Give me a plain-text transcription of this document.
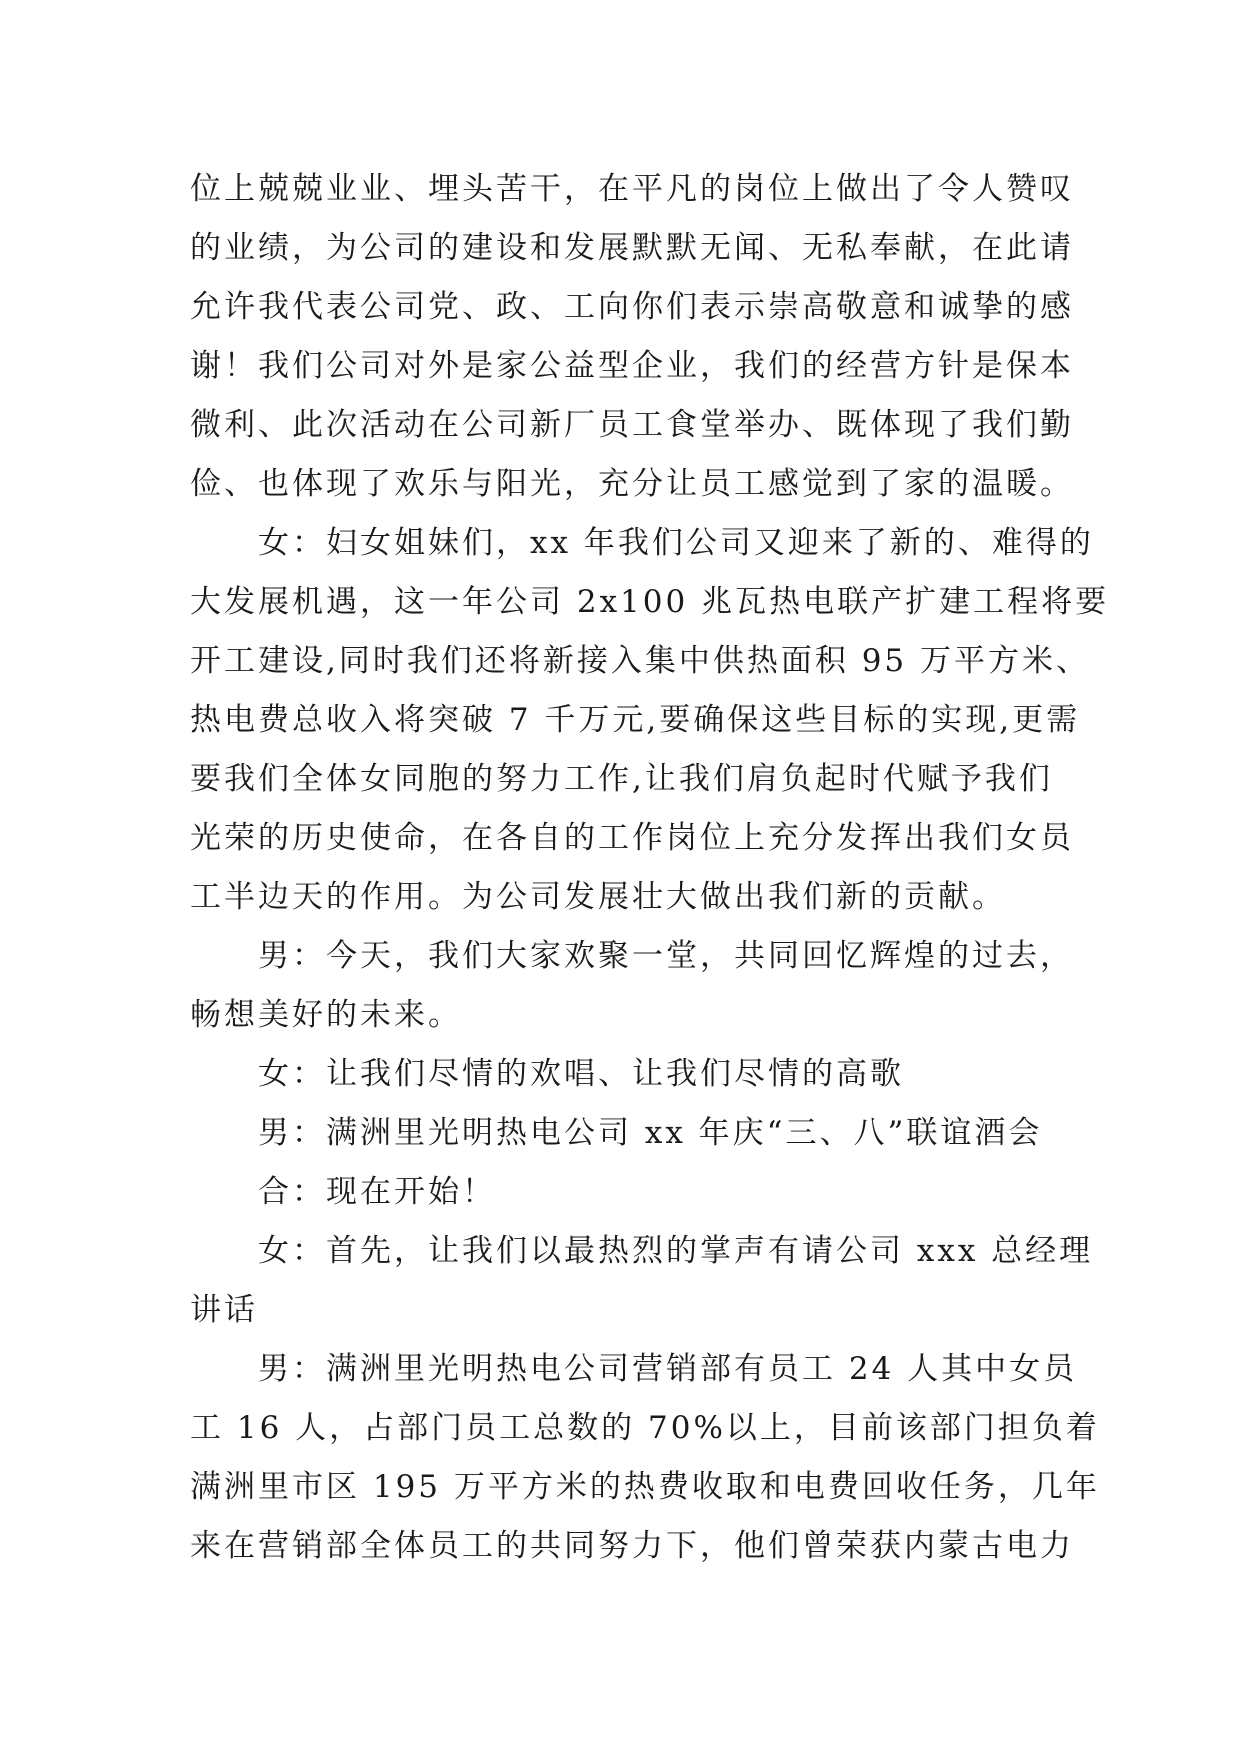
位上兢兢业业、埋头苦干，在平凡的岗位上做出了令人赞叹
的业绩，为公司的建设和发展默默无闻、无私奉献，在此请
允许我代表公司党、政、工向你们表示崇高敬意和诚挚的感
谢！我们公司对外是家公益型企业，我们的经营方针是保本
微利、此次活动在公司新厂员工食堂举办、既体现了我们勤
俭、也体现了欢乐与阳光，充分让员工感觉到了家的温暖。
女：妇女姐妹们，xx 年我们公司又迎来了新的、难得的
大发展机遇，这一年公司 2x100 兆瓦热电联产扩建工程将要
开工建设,同时我们还将新接入集中供热面积 95 万平方米、
热电费总收入将突破 7 千万元,要确保这些目标的实现,更需
要我们全体女同胞的努力工作,让我们肩负起时代赋予我们
光荣的历史使命，在各自的工作岗位上充分发挥出我们女员
工半边天的作用。为公司发展壮大做出我们新的贡献。
男：今天，我们大家欢聚一堂，共同回忆辉煌的过去，
畅想美好的未来。
女：让我们尽情的欢唱、让我们尽情的高歌
男：满洲里光明热电公司 xx 年庆“三、八”联谊酒会
合：现在开始！
女：首先，让我们以最热烈的掌声有请公司 xxx 总经理
讲话
男：满洲里光明热电公司营销部有员工 24 人其中女员
工 16 人，占部门员工总数的 70%以上，目前该部门担负着
满洲里市区 195 万平方米的热费收取和电费回收任务，几年
来在营销部全体员工的共同努力下，他们曾荣获内蒙古电力
